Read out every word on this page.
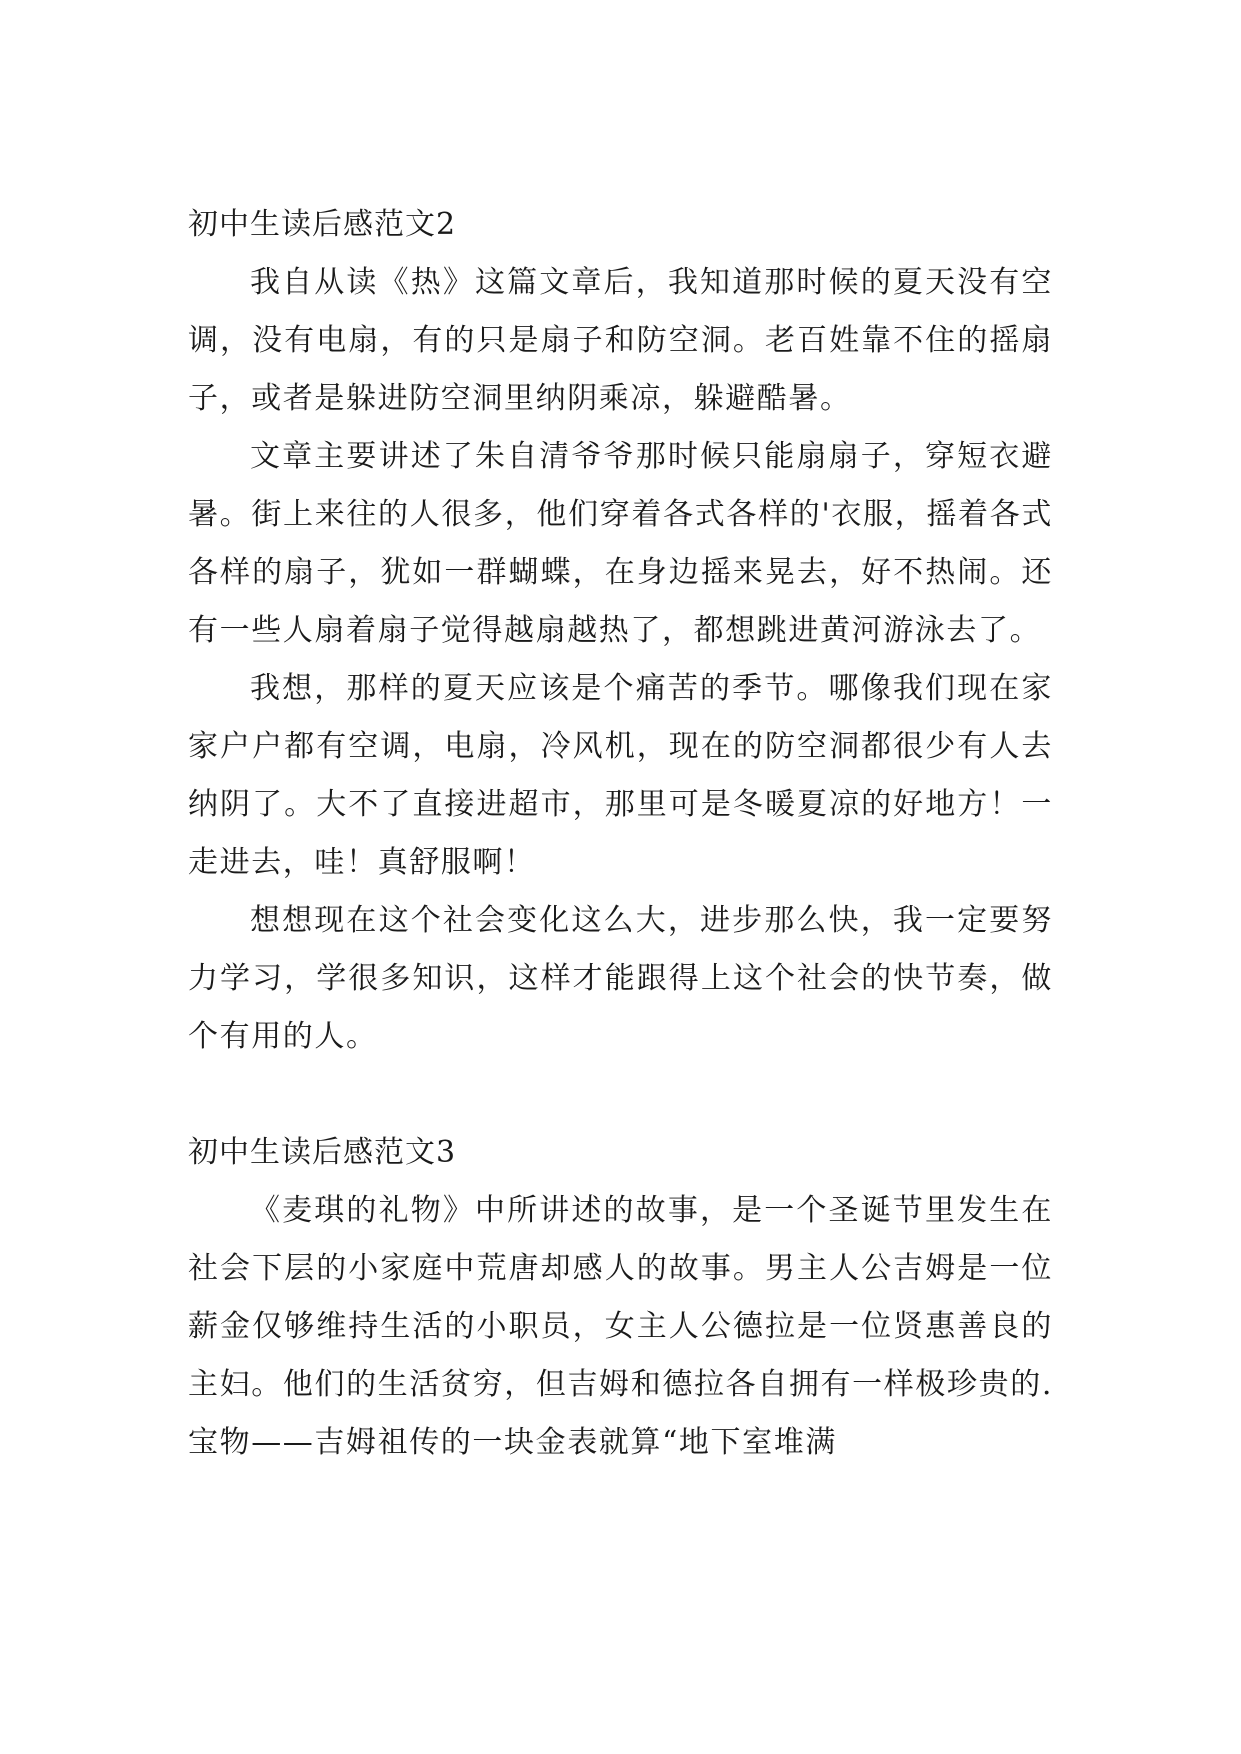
初中生读后感范文2

我自从读《热》这篇文章后，我知道那时候的夏天没有空调，没有电扇，有的只是扇子和防空洞。老百姓靠不住的摇扇子，或者是躲进防空洞里纳阴乘凉，躲避酷暑。

文章主要讲述了朱自清爷爷那时候只能扇扇子，穿短衣避暑。街上来往的人很多，他们穿着各式各样的'衣服，摇着各式各样的扇子，犹如一群蝴蝶，在身边摇来晃去，好不热闹。还有一些人扇着扇子觉得越扇越热了，都想跳进黄河游泳去了。

我想，那样的夏天应该是个痛苦的季节。哪像我们现在家家户户都有空调，电扇，冷风机，现在的防空洞都很少有人去纳阴了。大不了直接进超市，那里可是冬暖夏凉的好地方！一走进去，哇！真舒服啊！

想想现在这个社会变化这么大，进步那么快，我一定要努力学习，学很多知识，这样才能跟得上这个社会的快节奏，做个有用的人。

初中生读后感范文3

《麦琪的礼物》中所讲述的故事，是一个圣诞节里发生在社会下层的小家庭中荒唐却感人的故事。男主人公吉姆是一位薪金仅够维持生活的小职员，女主人公德拉是一位贤惠善良的主妇。他们的生活贫穷，但吉姆和德拉各自拥有一样极珍贵的.宝物——吉姆祖传的一块金表就算“地下室堆满
